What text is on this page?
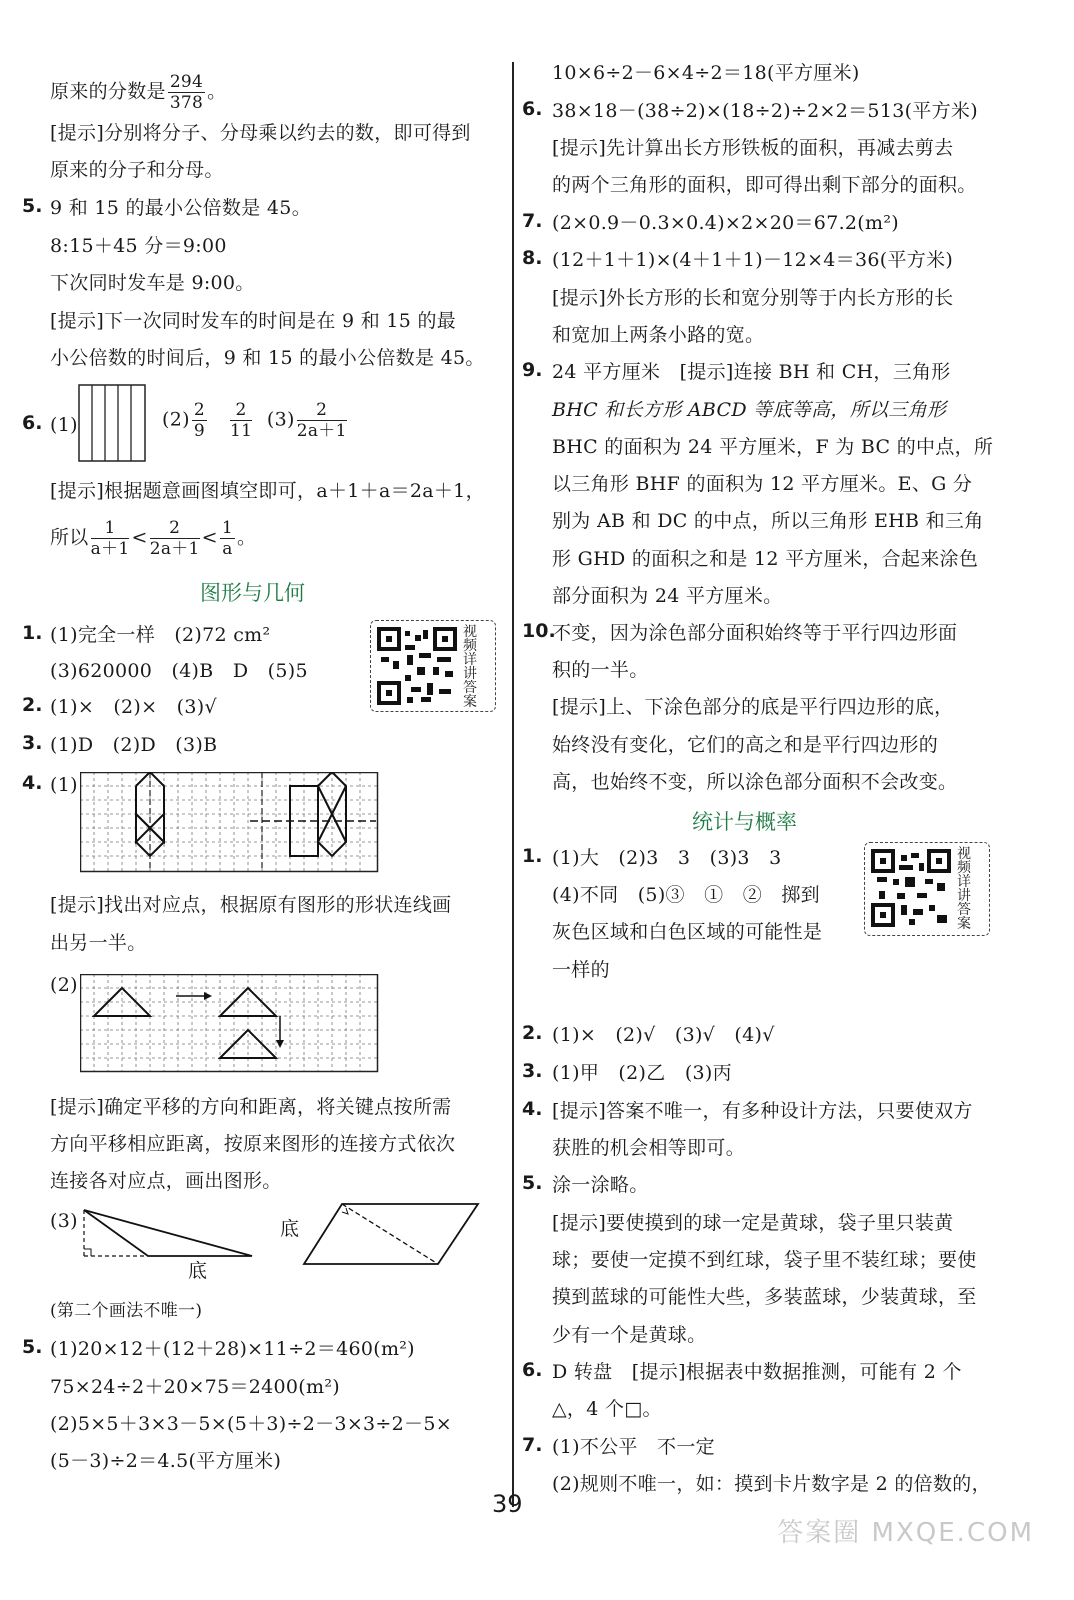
原来的分数是 $\frac{294}{378}$ 。
[提示]分别将分子、分母乘以约去的数，即可得到
原来的分子和分母。
5. 9 和 15 的最小公倍数是 45。
8:15＋45 分＝9:00
下次同时发车是 9:00。
[提示]下一次同时发车的时间是在 9 和 15 的最
小公倍数的时间后，9 和 15 的最小公倍数是 45。
6. (1)	$(2) \frac{2}{9}$
$\frac{2}{11} (3) \frac{2}{2a+1}$
[提示]根据题意画图填空即可，a＋1＋a＝2a＋1，
所以 $\frac{1}{a+1} < \frac{2}{2a+1} < \frac{1}{a}$ 。
图形与几何
1. (1)完全一样　(2)72 cm²
(3)620000　(4)B　D　(5)5
视频详讲答案
2. (1)×　(2)×　(3)√
3. (1)D　(2)D　(3)B
4. (1)
[提示]找出对应点，根据原有图形的形状连线画
出另一半。
(2)
[提示]确定平移的方向和距离，将关键点按所需
方向平移相应距离，按原来图形的连接方式依次
连接各对应点，画出图形。
(3)
底
底
(第二个画法不唯一)
5. (1)20×12＋(12＋28)×11÷2＝460(m²)
75×24÷2＋20×75＝2400(m²)
(2)5×5＋3×3－5×(5＋3)÷2－3×3÷2－5×
(5－3)÷2＝4.5(平方厘米)
10×6÷2－6×4÷2＝18(平方厘米)
6. 38×18－(38÷2)×(18÷2)÷2×2＝513(平方米)
[提示]先计算出长方形铁板的面积，再减去剪去
的两个三角形的面积，即可得出剩下部分的面积。
7. (2×0.9－0.3×0.4)×2×20＝67.2(m²)
8. (12＋1＋1)×(4＋1＋1)－12×4＝36(平方米)
[提示]外长方形的长和宽分别等于内长方形的长
和宽加上两条小路的宽。
9. 24 平方厘米　[提示]连接 BH 和 CH，三角形
BHC 和长方形 ABCD 等底等高，所以三角形
BHC 的面积为 24 平方厘米，F 为 BC 的中点，所
以三角形 BHF 的面积为 12 平方厘米。E、G 分
别为 AB 和 DC 的中点，所以三角形 EHB 和三角
形 GHD 的面积之和是 12 平方厘米，合起来涂色
部分面积为 24 平方厘米。
10.
不变，因为涂色部分面积始终等于平行四边形面
积的一半。
[提示]上、下涂色部分的底是平行四边形的底，
始终没有变化，它们的高之和是平行四边形的
高，也始终不变，所以涂色部分面积不会改变。
统计与概率
1. (1)大　(2)3　3　(3)3　3
(4)不同　(5)③　①　②　掷到
灰色区域和白色区域的可能性是
一样的
视频详讲答案
2. (1)×　(2)√　(3)√　(4)√
3. (1)甲　(2)乙　(3)丙
4. [提示]答案不唯一，有多种设计方法，只要使双方
获胜的机会相等即可。
5. 涂一涂略。
[提示]要使摸到的球一定是黄球，袋子里只装黄
球；要使一定摸不到红球，袋子里不装红球；要使
摸到蓝球的可能性大些，多装蓝球，少装黄球，至
少有一个是黄球。
6. D 转盘　[提示]根据表中数据推测，可能有 2 个
△，4 个□。
7. (1)不公平　不一定
(2)规则不唯一，如：摸到卡片数字是 2 的倍数的，
39
答案圈 MXQE.COM
